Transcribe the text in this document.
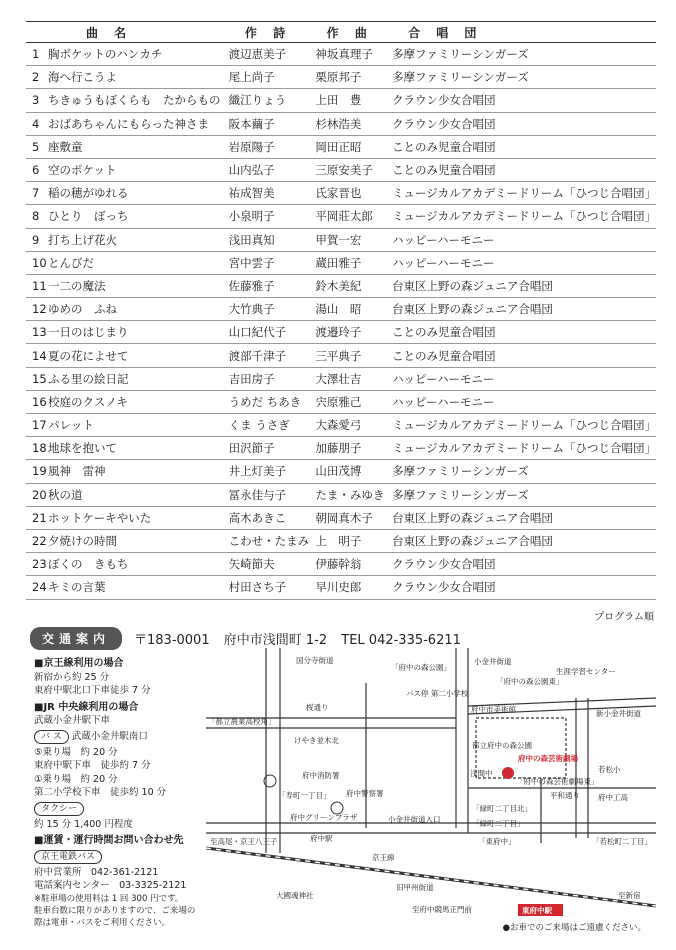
曲 名		作 詩	作 曲	合 唱 団
1	胸ポケットのハンカチ	渡辺恵美子	神坂真理子	多摩ファミリーシンガーズ
2	海へ行こうよ	尾上尚子	栗原邦子	多摩ファミリーシンガーズ
3	ちきゅうもぼくらも　たからもの	織江りょう	上田　豊	クラウン少女合唱団
4	おばあちゃんにもらった神さま	阪本繭子	杉林浩美	クラウン少女合唱団
5	座敷童	岩原陽子	岡田正昭	ことのみ児童合唱団
6	空のポケット	山内弘子	三原安美子	ことのみ児童合唱団
7	稲の穂がゆれる	祐成智美	氏家晋也	ミュージカルアカデミードリーム「ひつじ合唱団」
8	ひとり　ぼっち	小泉明子	平岡莊太郎	ミュージカルアカデミードリーム「ひつじ合唱団」
9	打ち上げ花火	浅田真知	甲賀一宏	ハッピーハーモニー
10	とんびだ	宮中雲子	蔵田雅子	ハッピーハーモニー
11	一二の魔法	佐藤雅子	鈴木美紀	台東区上野の森ジュニア合唱団
12	ゆめの　ふね	大竹典子	湯山　昭	台東区上野の森ジュニア合唱団
13	一日のはじまり	山口紀代子	渡邉玲子	ことのみ児童合唱団
14	夏の花によせて	渡部千津子	三平典子	ことのみ児童合唱団
15	ふる里の絵日記	吉田房子	大澤壮吉	ハッピーハーモニー
16	校庭のクスノキ	うめだ ちあき	宍原雅己	ハッピーハーモニー
17	パレット	くま うさぎ	大森愛弓	ミュージカルアカデミードリーム「ひつじ合唱団」
18	地球を抱いて	田沢節子	加藤朋子	ミュージカルアカデミードリーム「ひつじ合唱団」
19	風神　雷神	井上灯美子	山田茂博	多摩ファミリーシンガーズ
20	秋の道	冨永佳与子	たま・みゆき	多摩ファミリーシンガーズ
21	ホットケーキやいた	高木あきこ	朝岡真木子	台東区上野の森ジュニア合唱団
22	夕焼けの時間	こわせ・たまみ	上　明子	台東区上野の森ジュニア合唱団
23	ぼくの　きもち	矢崎節夫	伊藤幹翁	クラウン少女合唱団
24	キミの言葉	村田さち子	早川史郎	クラウン少女合唱団
プログラム順
交通案内	〒183-0001 府中市浅間町 1-2 TEL 042-335-6211
■京王線利用の場合
新宿から約 25 分
東府中駅北口下車徒歩 7 分
■JR 中央線利用の場合
武蔵小金井駅下車
バ ス 武蔵小金井駅南口
⑤乗り場　約 20 分
東府中駅下車　徒歩約 7 分
①乗り場　約 20 分
第二小学校下車　徒歩約 10 分
タクシー
約 15 分 1,400 円程度
■運賃・運行時間お問い合わせ先
京王電鉄バス
府中営業所　042-361-2121
電話案内センター　03-3325-2121
※駐車場の使用料は 1 回 300 円です。
駐車台数に限りがありますので、ご来場の
際は電車・バスをご利用ください。
国分寺街道	小金井街道
「府中の森公園」
「府中の森公園東」
生涯学習センター
バス停 第二小学校
府中市美術館
「都立農業高校角」
桜通り
けやき並木北
新小金井街道
都立府中の森公園
府中の森芸術劇場
「府中の森芸術劇場東」
若松小
府中消防署
「寿町一丁目」 府中警察署
浅間中
「緑町二丁目北」
「緑町二丁目」
平和通り 府中工高
小金井街道入口
府中グリーンプラザ
府中駅
至高尾・京王八王子
京王線
「東府中」	「若松町二丁目」
大國魂神社
旧甲州街道
東府中駅
至新宿
至府中競馬正門前
●お車でのご来場はご遠慮ください。
